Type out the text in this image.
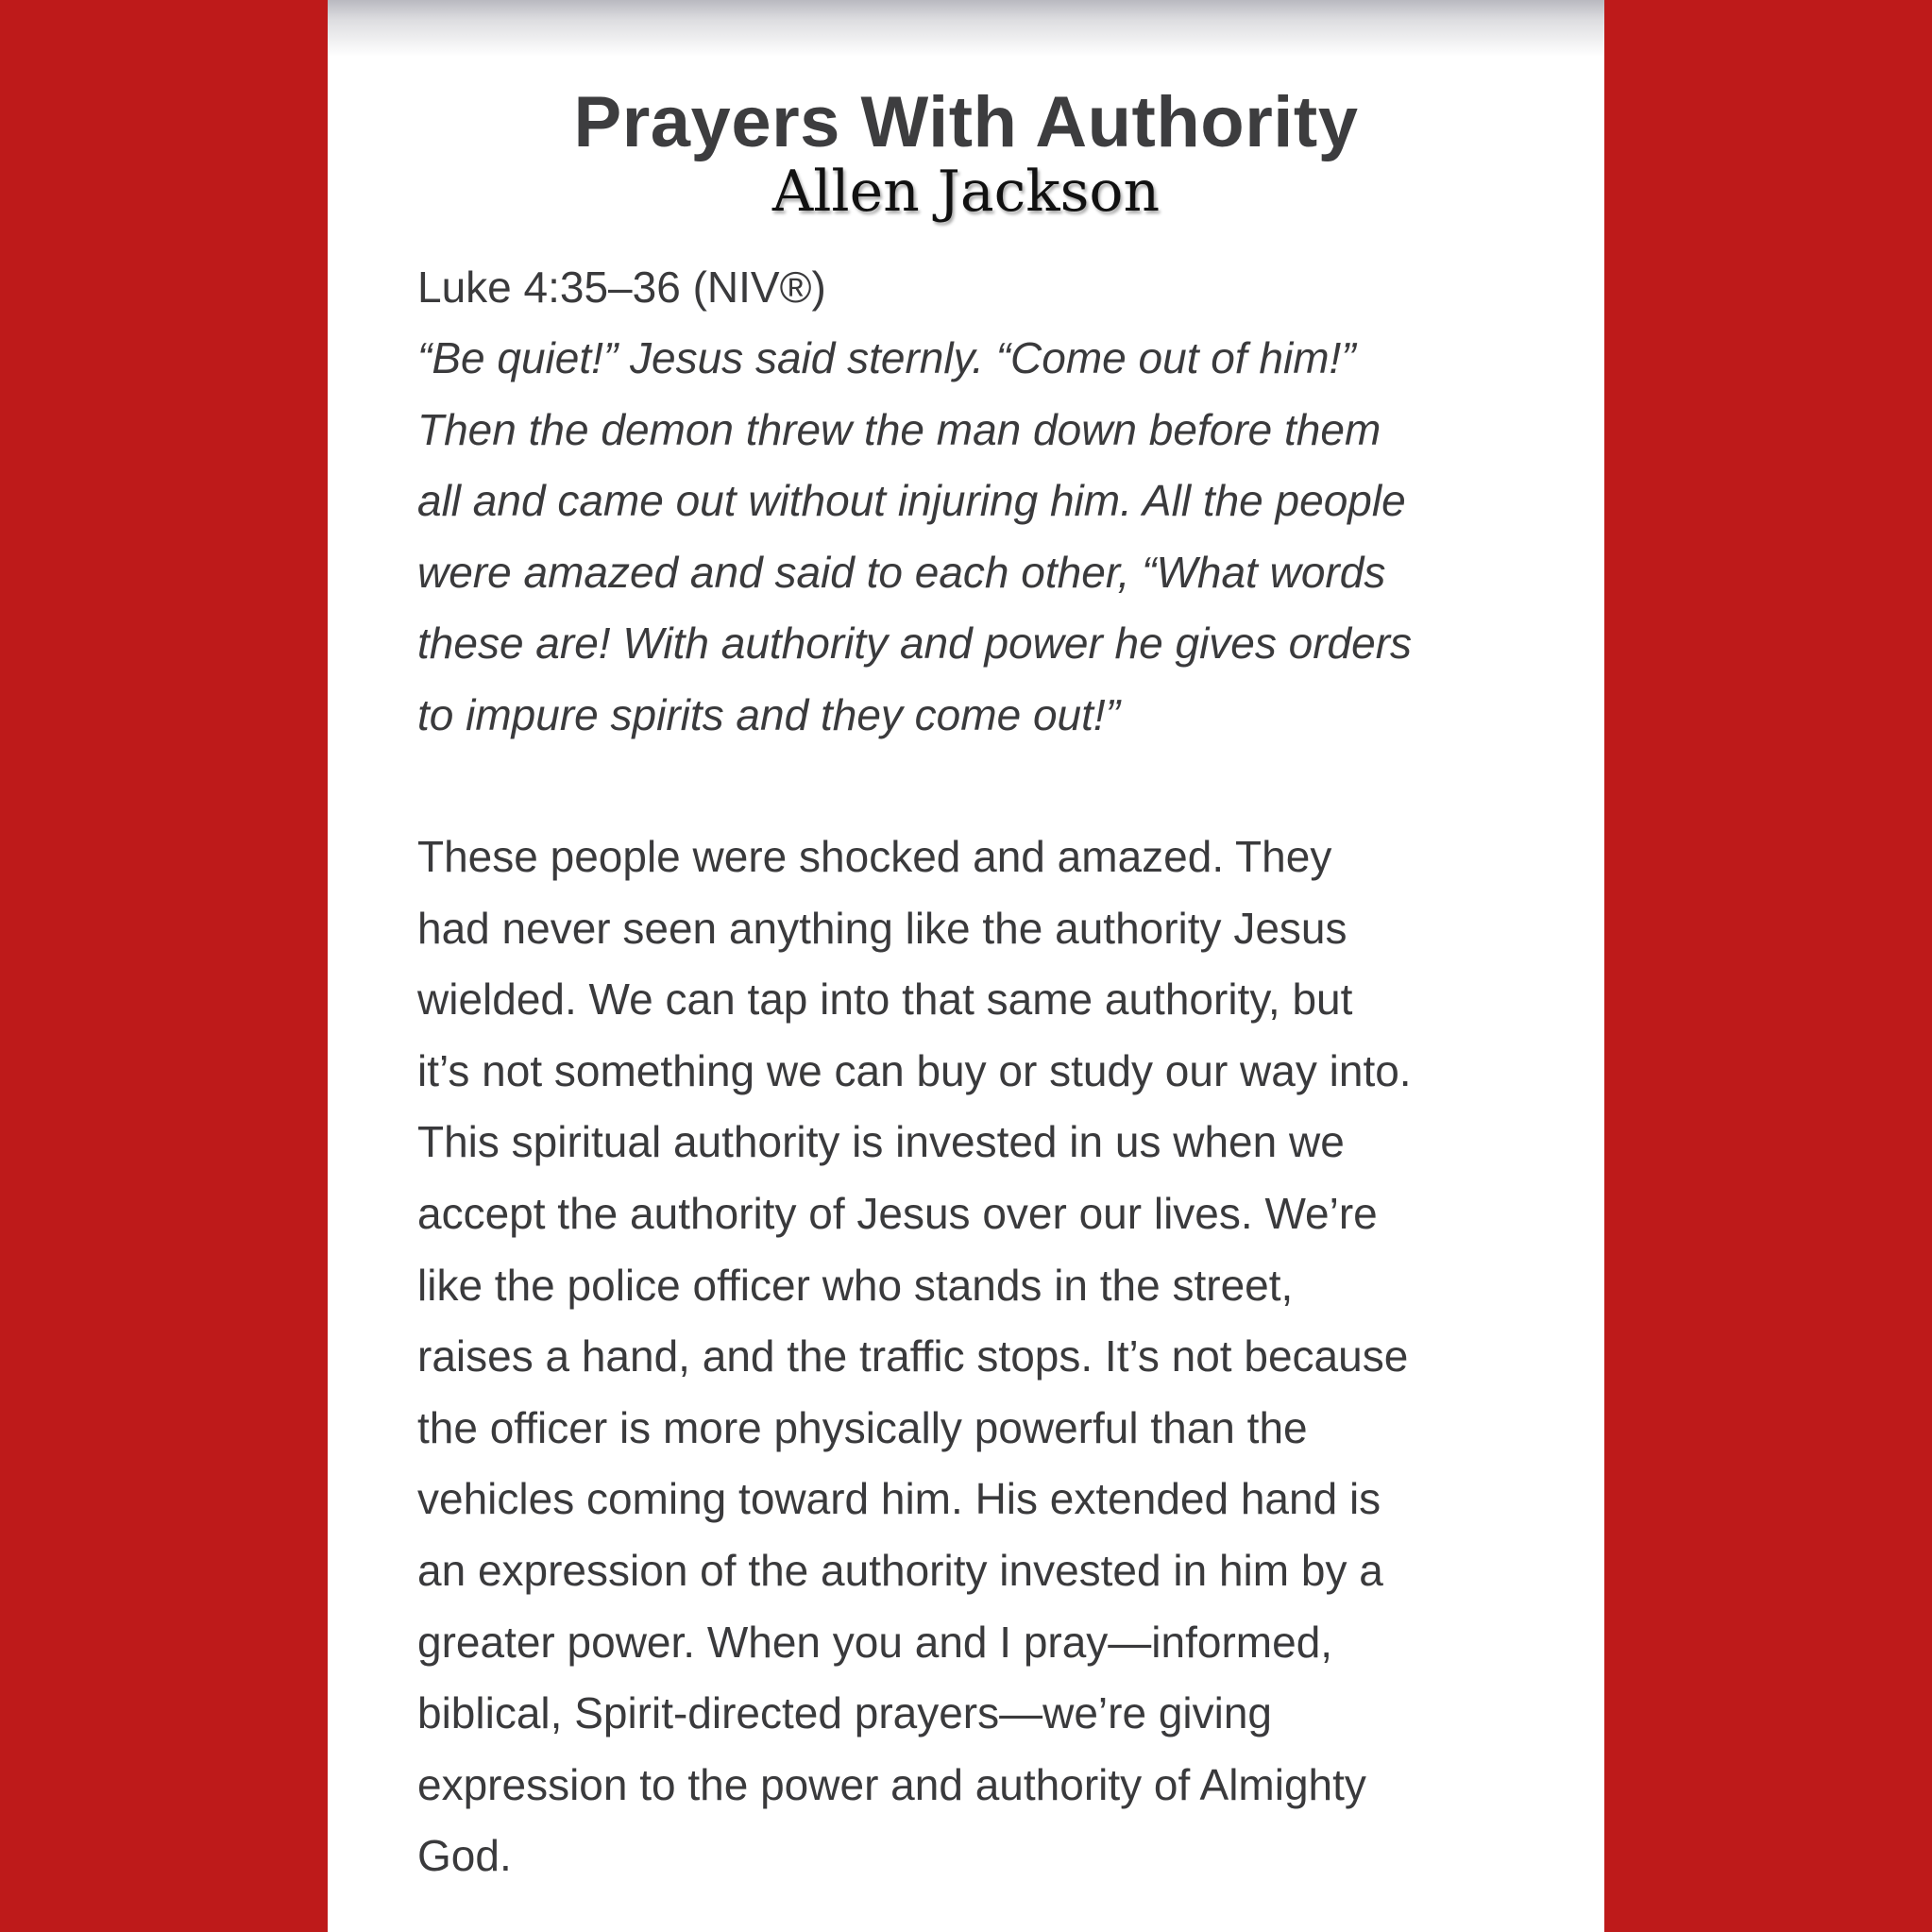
Prayers With Authority
Allen Jackson

Luke 4:35–36 (NIV®)

“Be quiet!” Jesus said sternly. “Come out of him!”
Then the demon threw the man down before them
all and came out without injuring him. All the people
were amazed and said to each other, “What words
these are! With authority and power he gives orders
to impure spirits and they come out!”

These people were shocked and amazed. They
had never seen anything like the authority Jesus
wielded. We can tap into that same authority, but
it’s not something we can buy or study our way into.
This spiritual authority is invested in us when we
accept the authority of Jesus over our lives. We’re
like the police officer who stands in the street,
raises a hand, and the traffic stops. It’s not because
the officer is more physically powerful than the
vehicles coming toward him. His extended hand is
an expression of the authority invested in him by a
greater power. When you and I pray—informed,
biblical, Spirit-directed prayers—we’re giving
expression to the power and authority of Almighty
God.
